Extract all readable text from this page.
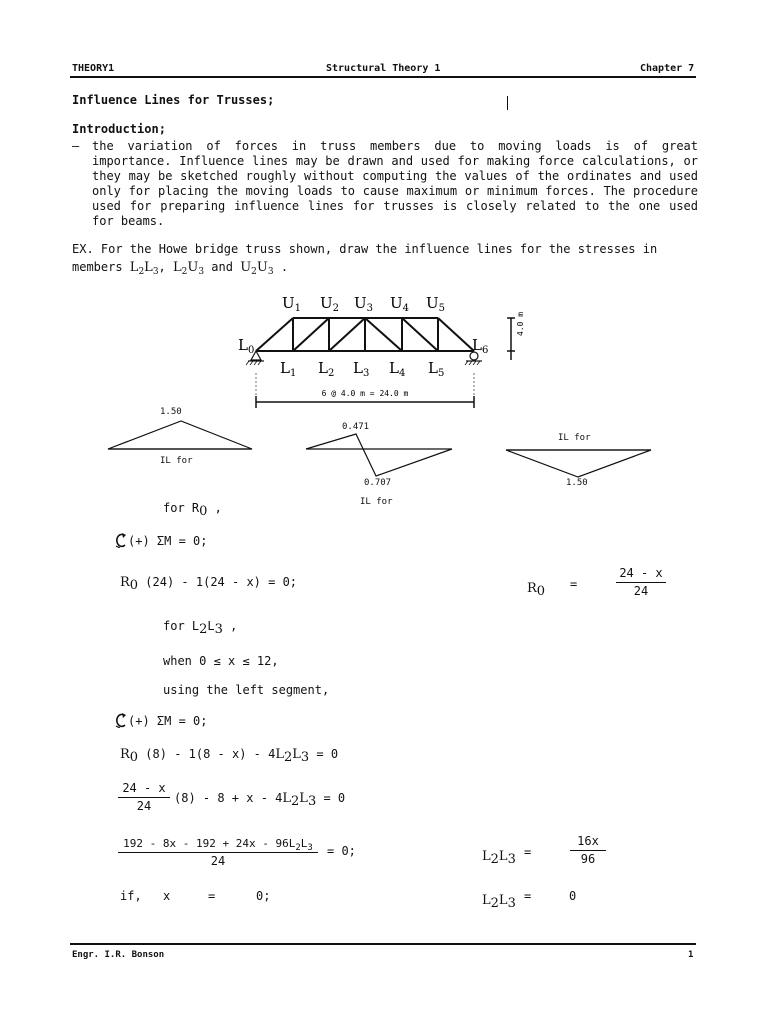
THEORY1	Structural Theory 1	Chapter 7
Influence Lines for Trusses;
Introduction;
– the variation of forces in truss members due to moving loads is of great importance. Influence lines may be drawn and used for making force calculations, or they may be sketched roughly without computing the values of the ordinates and used only for placing the moving loads to cause maximum or minimum forces. The procedure used for preparing influence lines for trusses is closely related to the one used for beams.
EX. For the Howe bridge truss shown, draw the influence lines for the stresses in
members $L_2L_3$, $L_2U_3$ and $U_2U_3$ .
4.0 m
6 @ 4.0 m = 24.0 m
$U_1$ $U_2$ $U_3$ $U_4$ $U_5$
$L_1$ $L_2$ $L_3$ $L_4$ $L_5$
$L_0$	$L_6$
1.50
IL for
0.471
0.707
IL for
IL for
1.50
for $R_0$ ,
(+) ΣM = 0;
$R_0$ (24) - 1(24 - x) = 0;	$R_0$ =
24 - x
24
for $L_2L_3$ ,
when 0 ≤ x ≤ 12,
using the left segment,
(+) ΣM = 0;
$R_0$ $(8) - 1(8 - x) - 4L_2L_3 = 0$
24 - x
24
$(8) - 8 + x - 4L_2L_3 = 0$
$192 - 8x - 192 + 24x - 96L_2L_3$
24
= 0;	$L_2L_3$ =
16x
96
if, x	=	0;	$L_2L_3$ =	0
Engr. I.R. Bonson	1
